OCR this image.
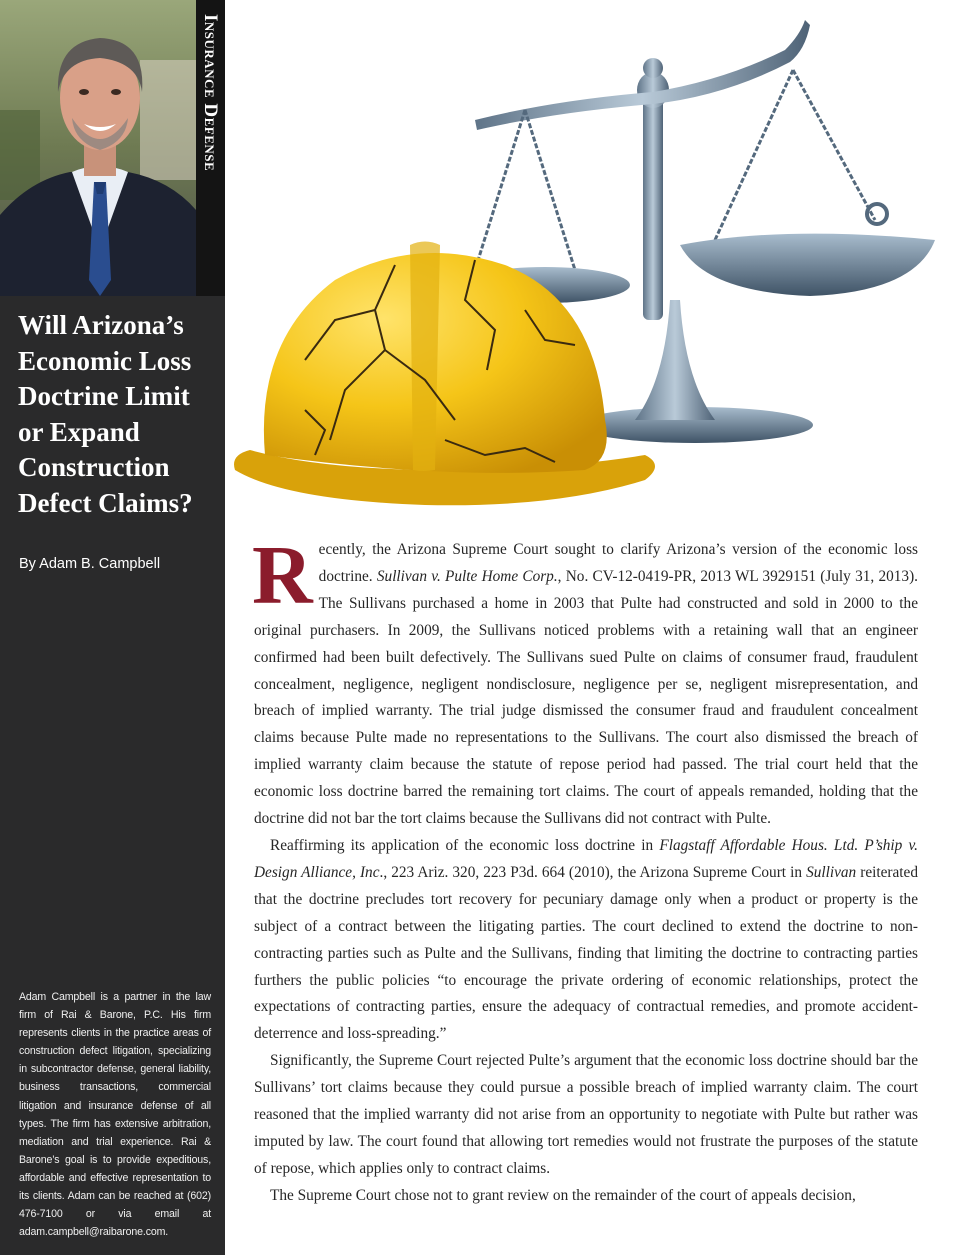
Insurance Defense
Will Arizona’s
Economic Loss
Doctrine Limit
or Expand
Construction
Defect Claims?
By Adam B. Campbell

Adam Campbell is a partner in the law firm of Rai & Barone, P.C. His firm represents clients in the practice areas of construction defect litigation, specializing in subcontractor defense, general liability, business transactions, commercial litigation and insurance defense of all types. The firm has extensive arbitration, mediation and trial experience. Rai & Barone’s goal is to provide expeditious, affordable and effective representation to its clients. Adam can be reached at (602) 476-7100 or via email at adam.campbell@raibarone.com.

Recently, the Arizona Supreme Court sought to clarify Arizona’s version of the economic loss doctrine. Sullivan v. Pulte Home Corp., No. CV-12-0419-PR, 2013 WL 3929151 (July 31, 2013). The Sullivans purchased a home in 2003 that Pulte had constructed and sold in 2000 to the original purchasers. In 2009, the Sullivans noticed problems with a retaining wall that an engineer confirmed had been built defectively. The Sullivans sued Pulte on claims of consumer fraud, fraudulent concealment, negligence, negligent nondisclosure, negligence per se, negligent misrepresentation, and breach of implied warranty. The trial judge dismissed the consumer fraud and fraudulent concealment claims because Pulte made no representations to the Sullivans. The court also dismissed the breach of implied warranty claim because the statute of repose period had passed. The trial court held that the economic loss doctrine barred the remaining tort claims. The court of appeals remanded, holding that the doctrine did not bar the tort claims because the Sullivans did not contract with Pulte.

Reaffirming its application of the economic loss doctrine in Flagstaff Affordable Hous. Ltd. P’ship v. Design Alliance, Inc., 223 Ariz. 320, 223 P3d. 664 (2010), the Arizona Supreme Court in Sullivan reiterated that the doctrine precludes tort recovery for pecuniary damage only when a product or property is the subject of a contract between the litigating parties. The court declined to extend the doctrine to non-contracting parties such as Pulte and the Sullivans, finding that limiting the doctrine to contracting parties furthers the public policies “to encourage the private ordering of economic relationships, protect the expectations of contracting parties, ensure the adequacy of contractual remedies, and promote accident-deterrence and loss-spreading.”

Significantly, the Supreme Court rejected Pulte’s argument that the economic loss doctrine should bar the Sullivans’ tort claims because they could pursue a possible breach of implied warranty claim. The court reasoned that the implied warranty did not arise from an opportunity to negotiate with Pulte but rather was imputed by law. The court found that allowing tort remedies would not frustrate the purposes of the statute of repose, which applies only to contract claims.

The Supreme Court chose not to grant review on the remainder of the court of appeals decision,
